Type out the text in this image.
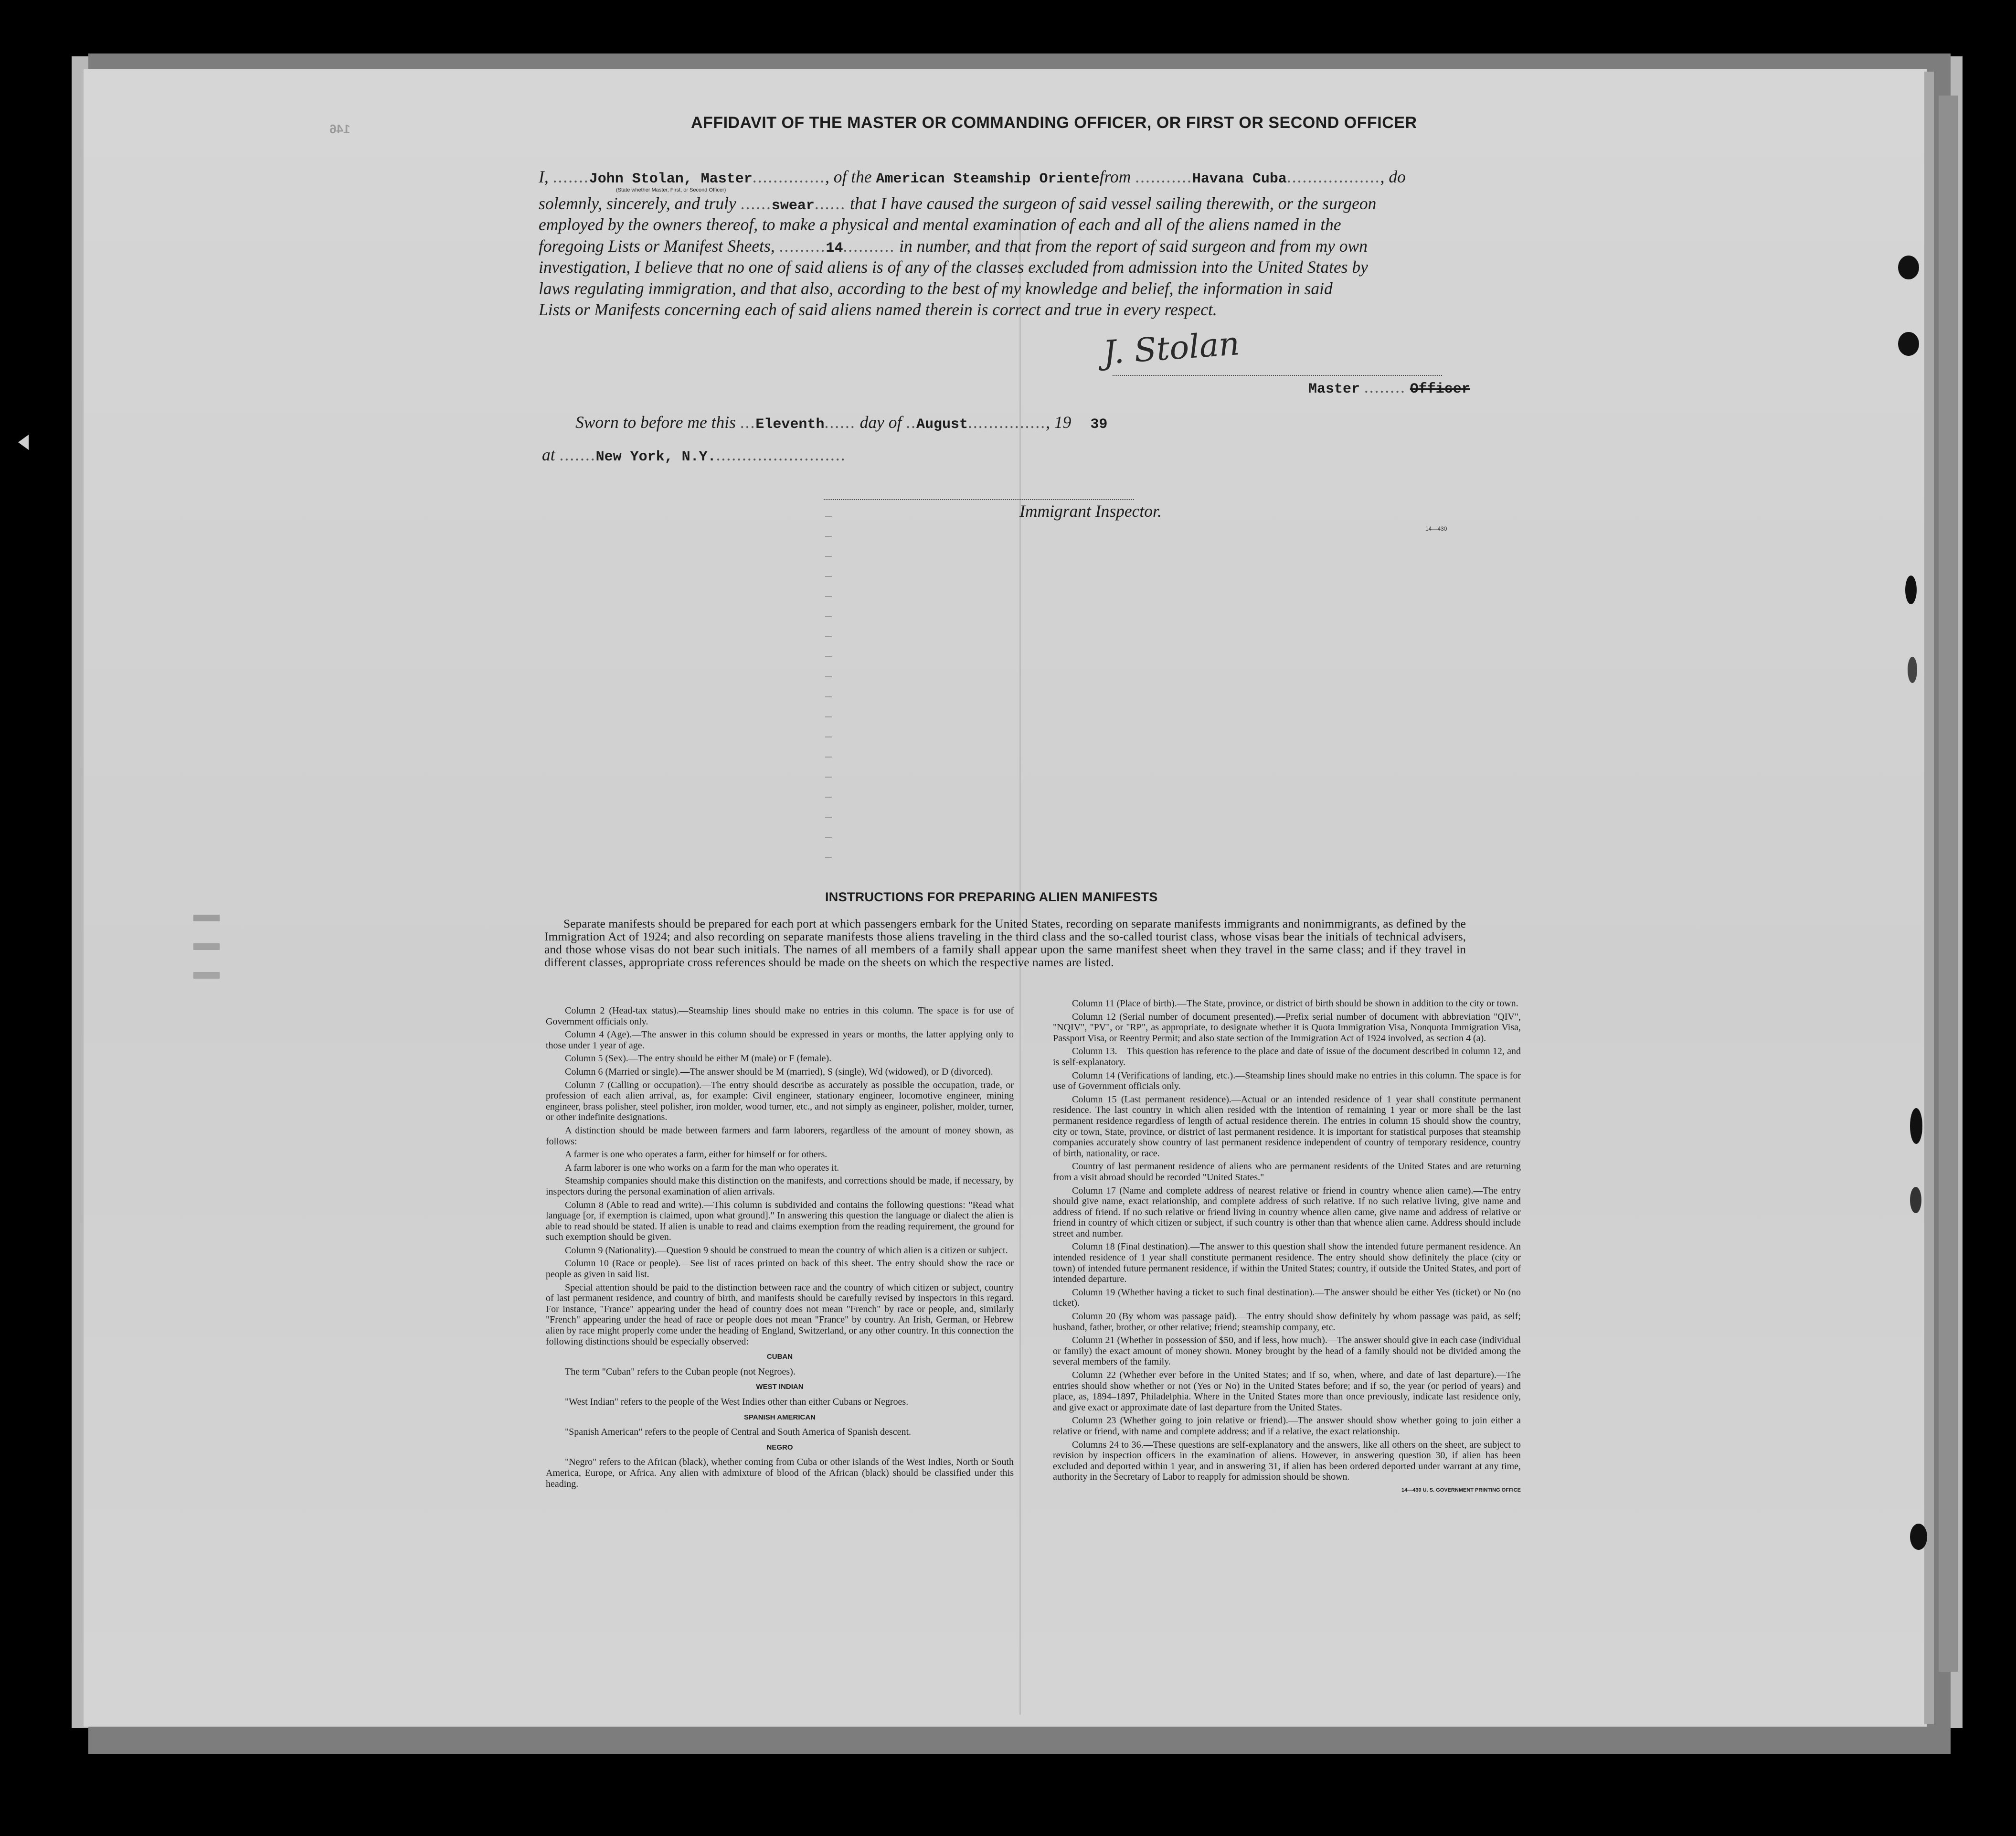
146	AFFIDAVIT OF THE MASTER OR COMMANDING OFFICER, OR FIRST OR SECOND OFFICER
I, .......John Stolan, Master.............., of the American Steamship Orientefrom ...........Havana Cuba.................., do
(State whether Master, First, or Second Officer)
solemnly, sincerely, and truly ......swear...... that I have caused the surgeon of said vessel sailing therewith, or the surgeon
employed by the owners thereof, to make a physical and mental examination of each and all of the aliens named in the
foregoing Lists or Manifest Sheets, .........14.......... in number, and that from the report of said surgeon and from my own
investigation, I believe that no one of said aliens is of any of the classes excluded from admission into the United States by
laws regulating immigration, and that also, according to the best of my knowledge and belief, the information in said
Lists or Manifests concerning each of said aliens named therein is correct and true in every respect.
J. Stolan
Master ........ Officer
Sworn to before me this ...Eleventh...... day of ..August..............., 19 39
at .......New York, N.Y..........................
Immigrant Inspector.
14—430
INSTRUCTIONS FOR PREPARING ALIEN MANIFESTS
Separate manifests should be prepared for each port at which passengers embark for the United States, recording on separate manifests immigrants and nonimmigrants, as defined by the Immigration Act of 1924; and also recording on separate manifests those aliens traveling in the third class and the so-called tourist class, whose visas bear the initials of technical advisers, and those whose visas do not bear such initials. The names of all members of a family shall appear upon the same manifest sheet when they travel in the same class; and if they travel in different classes, appropriate cross references should be made on the sheets on which the respective names are listed.

Column 2 (Head-tax status).—Steamship lines should make no entries in this column. The space is for use of Government officials only.

Column 4 (Age).—The answer in this column should be expressed in years or months, the latter applying only to those under 1 year of age.

Column 5 (Sex).—The entry should be either M (male) or F (female).

Column 6 (Married or single).—The answer should be M (married), S (single), Wd (widowed), or D (divorced).

Column 7 (Calling or occupation).—The entry should describe as accurately as possible the occupation, trade, or profession of each alien arrival, as, for example: Civil engineer, stationary engineer, locomotive engineer, mining engineer, brass polisher, steel polisher, iron molder, wood turner, etc., and not simply as engineer, polisher, molder, turner, or other indefinite designations.

A distinction should be made between farmers and farm laborers, regardless of the amount of money shown, as follows:

A farmer is one who operates a farm, either for himself or for others.

A farm laborer is one who works on a farm for the man who operates it.

Steamship companies should make this distinction on the manifests, and corrections should be made, if necessary, by inspectors during the personal examination of alien arrivals.

Column 8 (Able to read and write).—This column is subdivided and contains the following questions: "Read what language [or, if exemption is claimed, upon what ground]." In answering this question the language or dialect the alien is able to read should be stated. If alien is unable to read and claims exemption from the reading requirement, the ground for such exemption should be given.

Column 9 (Nationality).—Question 9 should be construed to mean the country of which alien is a citizen or subject.

Column 10 (Race or people).—See list of races printed on back of this sheet. The entry should show the race or people as given in said list.

Special attention should be paid to the distinction between race and the country of which citizen or subject, country of last permanent residence, and country of birth, and manifests should be carefully revised by inspectors in this regard. For instance, "France" appearing under the head of country does not mean "French" by race or people, and, similarly "French" appearing under the head of race or people does not mean "France" by country. An Irish, German, or Hebrew alien by race might properly come under the heading of England, Switzerland, or any other country. In this connection the following distinctions should be especially observed:

CUBAN

The term "Cuban" refers to the Cuban people (not Negroes).

WEST INDIAN

"West Indian" refers to the people of the West Indies other than either Cubans or Negroes.

SPANISH AMERICAN

"Spanish American" refers to the people of Central and South America of Spanish descent.

NEGRO

"Negro" refers to the African (black), whether coming from Cuba or other islands of the West Indies, North or South America, Europe, or Africa. Any alien with admixture of blood of the African (black) should be classified under this heading.

Column 11 (Place of birth).—The State, province, or district of birth should be shown in addition to the city or town.

Column 12 (Serial number of document presented).—Prefix serial number of document with abbreviation "QIV", "NQIV", "PV", or "RP", as appropriate, to designate whether it is Quota Immigration Visa, Nonquota Immigration Visa, Passport Visa, or Reentry Permit; and also state section of the Immigration Act of 1924 involved, as section 4 (a).

Column 13.—This question has reference to the place and date of issue of the document described in column 12, and is self-explanatory.

Column 14 (Verifications of landing, etc.).—Steamship lines should make no entries in this column. The space is for use of Government officials only.

Column 15 (Last permanent residence).—Actual or an intended residence of 1 year shall constitute permanent residence. The last country in which alien resided with the intention of remaining 1 year or more shall be the last permanent residence regardless of length of actual residence therein. The entries in column 15 should show the country, city or town, State, province, or district of last permanent residence. It is important for statistical purposes that steamship companies accurately show country of last permanent residence independent of country of temporary residence, country of birth, nationality, or race.

Country of last permanent residence of aliens who are permanent residents of the United States and are returning from a visit abroad should be recorded "United States."

Column 17 (Name and complete address of nearest relative or friend in country whence alien came).—The entry should give name, exact relationship, and complete address of such relative. If no such relative living, give name and address of friend. If no such relative or friend living in country whence alien came, give name and address of relative or friend in country of which citizen or subject, if such country is other than that whence alien came. Address should include street and number.

Column 18 (Final destination).—The answer to this question shall show the intended future permanent residence. An intended residence of 1 year shall constitute permanent residence. The entry should show definitely the place (city or town) of intended future permanent residence, if within the United States; country, if outside the United States, and port of intended departure.

Column 19 (Whether having a ticket to such final destination).—The answer should be either Yes (ticket) or No (no ticket).

Column 20 (By whom was passage paid).—The entry should show definitely by whom passage was paid, as self; husband, father, brother, or other relative; friend; steamship company, etc.

Column 21 (Whether in possession of $50, and if less, how much).—The answer should give in each case (individual or family) the exact amount of money shown. Money brought by the head of a family should not be divided among the several members of the family.

Column 22 (Whether ever before in the United States; and if so, when, where, and date of last departure).—The entries should show whether or not (Yes or No) in the United States before; and if so, the year (or period of years) and place, as, 1894–1897, Philadelphia. Where in the United States more than once previously, indicate last residence only, and give exact or approximate date of last departure from the United States.

Column 23 (Whether going to join relative or friend).—The answer should show whether going to join either a relative or friend, with name and complete address; and if a relative, the exact relationship.

Columns 24 to 36.—These questions are self-explanatory and the answers, like all others on the sheet, are subject to revision by inspection officers in the examination of aliens. However, in answering question 30, if alien has been excluded and deported within 1 year, and in answering 31, if alien has been ordered deported under warrant at any time, authority in the Secretary of Labor to reapply for admission should be shown.

14—430 U. S. GOVERNMENT PRINTING OFFICE
